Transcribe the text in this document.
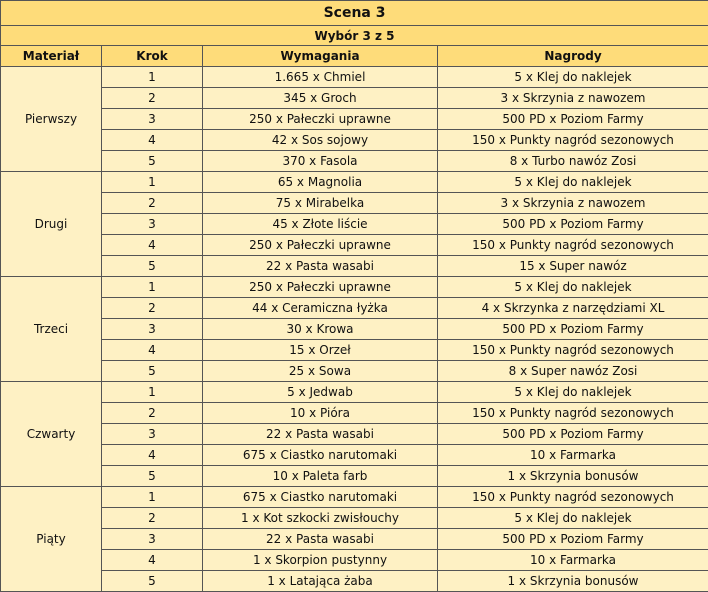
Scena 3			
Wybór 3 z 5			
Materiał	Krok	Wymagania	Nagrody
Pierwszy	1	1.665 x Chmiel	5 x Klej do naklejek
	2	345 x Groch	3 x Skrzynia z nawozem
	3	250 x Pałeczki uprawne	500 PD x Poziom Farmy
	4	42 x Sos sojowy	150 x Punkty nagród sezonowych
	5	370 x Fasola	8 x Turbo nawóz Zosi
Drugi	1	65 x Magnolia	5 x Klej do naklejek
	2	75 x Mirabelka	3 x Skrzynia z nawozem
	3	45 x Złote liście	500 PD x Poziom Farmy
	4	250 x Pałeczki uprawne	150 x Punkty nagród sezonowych
	5	22 x Pasta wasabi	15 x Super nawóz
Trzeci	1	250 x Pałeczki uprawne	5 x Klej do naklejek
	2	44 x Ceramiczna łyżka	4 x Skrzynka z narzędziami XL
	3	30 x Krowa	500 PD x Poziom Farmy
	4	15 x Orzeł	150 x Punkty nagród sezonowych
	5	25 x Sowa	8 x Super nawóz Zosi
Czwarty	1	5 x Jedwab	5 x Klej do naklejek
	2	10 x Pióra	150 x Punkty nagród sezonowych
	3	22 x Pasta wasabi	500 PD x Poziom Farmy
	4	675 x Ciastko narutomaki	10 x Farmarka
	5	10 x Paleta farb	1 x Skrzynia bonusów
Piąty	1	675 x Ciastko narutomaki	150 x Punkty nagród sezonowych
	2	1 x Kot szkocki zwisłouchy	5 x Klej do naklejek
	3	22 x Pasta wasabi	500 PD x Poziom Farmy
	4	1 x Skorpion pustynny	10 x Farmarka
	5	1 x Latająca żaba	1 x Skrzynia bonusów
